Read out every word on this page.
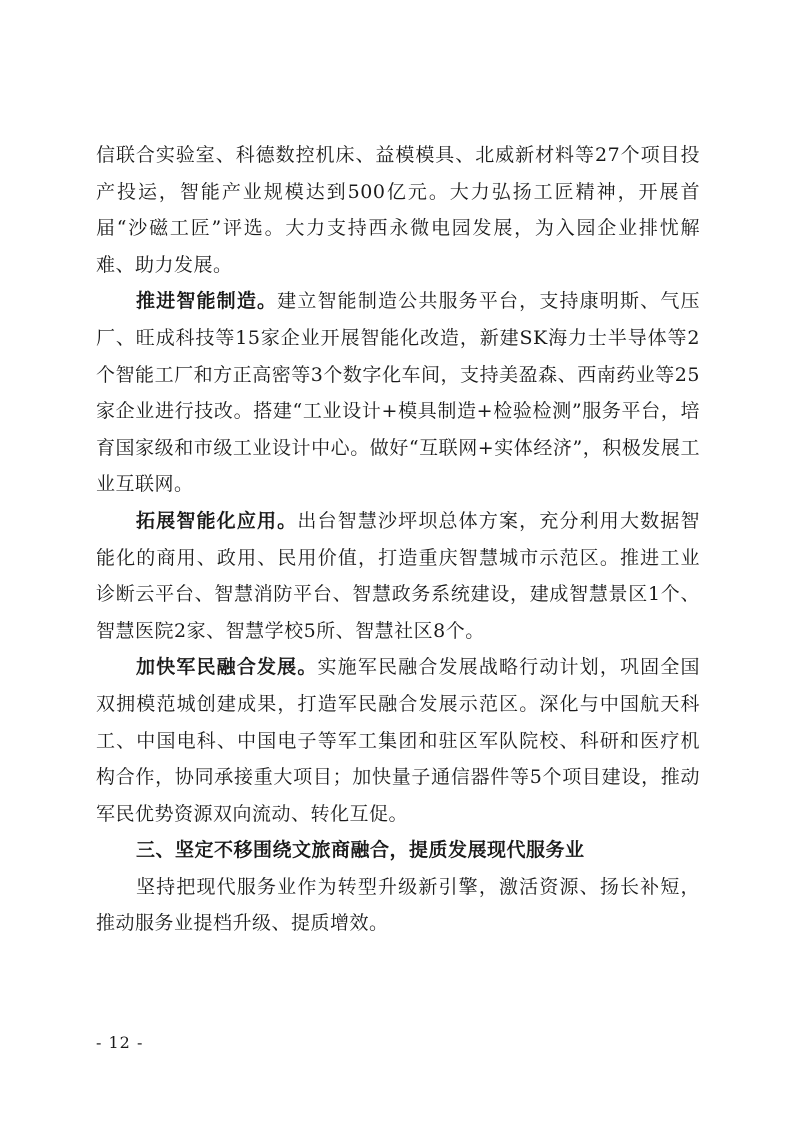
信联合实验室、科德数控机床、益模模具、北威新材料等27个项目投产投运，智能产业规模达到500亿元。大力弘扬工匠精神，开展首届“沙磁工匠”评选。大力支持西永微电园发展，为入园企业排忧解难、助力发展。

推进智能制造。建立智能制造公共服务平台，支持康明斯、气压厂、旺成科技等15家企业开展智能化改造，新建SK海力士半导体等2个智能工厂和方正高密等3个数字化车间，支持美盈森、西南药业等25家企业进行技改。搭建“工业设计+模具制造+检验检测”服务平台，培育国家级和市级工业设计中心。做好“互联网+实体经济”，积极发展工业互联网。

拓展智能化应用。出台智慧沙坪坝总体方案，充分利用大数据智能化的商用、政用、民用价值，打造重庆智慧城市示范区。推进工业诊断云平台、智慧消防平台、智慧政务系统建设，建成智慧景区1个、智慧医院2家、智慧学校5所、智慧社区8个。

加快军民融合发展。实施军民融合发展战略行动计划，巩固全国双拥模范城创建成果，打造军民融合发展示范区。深化与中国航天科工、中国电科、中国电子等军工集团和驻区军队院校、科研和医疗机构合作，协同承接重大项目；加快量子通信器件等5个项目建设，推动军民优势资源双向流动、转化互促。

三、坚定不移围绕文旅商融合，提质发展现代服务业

坚持把现代服务业作为转型升级新引擎，激活资源、扬长补短，推动服务业提档升级、提质增效。

- 12 -
